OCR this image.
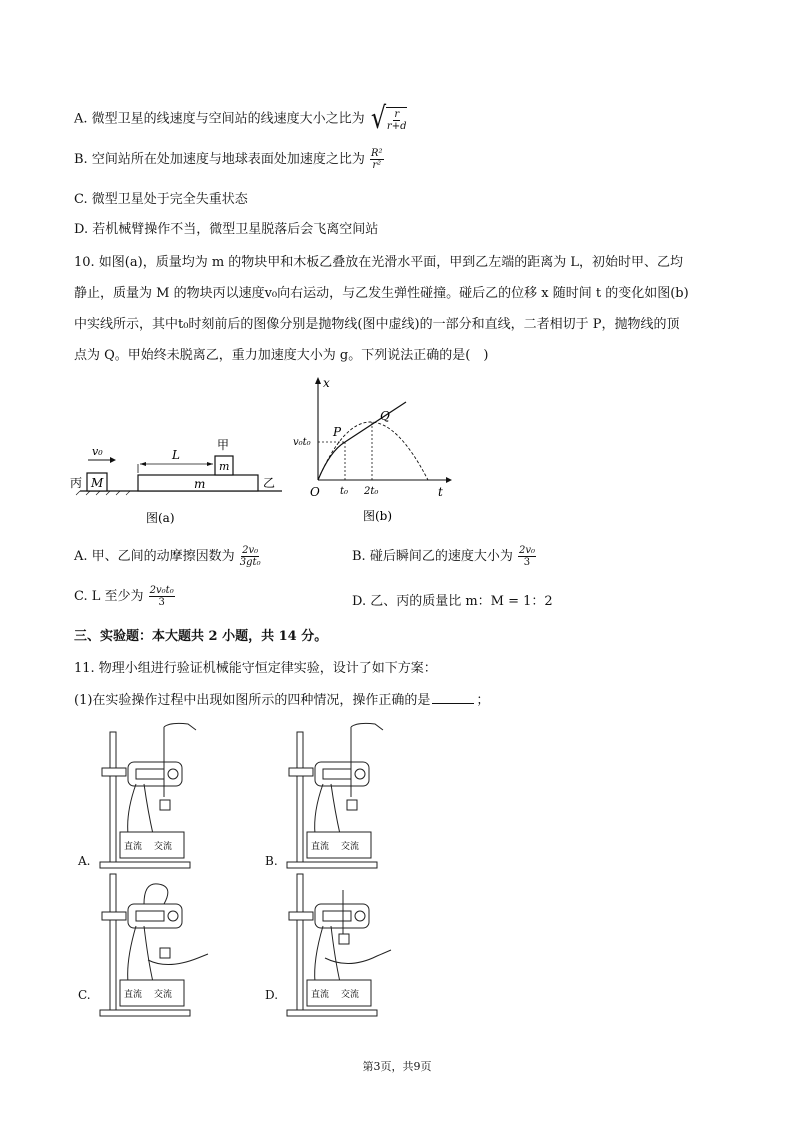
A. 微型卫星的线速度与空间站的线速度大小之比为 √ $\frac{r}{r+d}$
B. 空间站所在处加速度与地球表面处加速度之比为 $\frac{\text{R²}}{\text{r²}}$
C. 微型卫星处于完全失重状态
D. 若机械臂操作不当，微型卫星脱落后会飞离空间站
10. 如图(a)，质量均为 m 的物块甲和木板乙叠放在光滑水平面，甲到乙左端的距离为 L，初始时甲、乙均
静止，质量为 M 的物块丙以速度v₀向右运动，与乙发生弹性碰撞。碰后乙的位移 x 随时间 t 的变化如图(b)
中实线所示，其中t₀时刻前后的图像分别是抛物线(图中虚线)的一部分和直线，二者相切于 P，抛物线的顶
点为 Q。甲始终未脱离乙，重力加速度大小为 g。下列说法正确的是(　)
v₀
M
丙	m	乙
m
甲
L
图(a)
x
t
O
v₀t₀
P
Q
t₀ 2t₀
图(b)
A. 甲、乙间的动摩擦因数为 $\frac{\text{2v₀}}{\text{3gt₀}}$	B. 碰后瞬间乙的速度大小为 $\frac{\text{2v₀}}{3}$
C. L 至少为 $\frac{\text{2v₀t₀}}{3}$	D. 乙、丙的质量比 m：M = 1：2
三、实验题：本大题共 2 小题，共 14 分。
11. 物理小组进行验证机械能守恒定律实验，设计了如下方案：
(1)在实验操作过程中出现如图所示的四种情况，操作正确的是	；
直流 交流
A.
直流 交流
B.
直流 交流
C.	直流 交流
D.
第3页，共9页
